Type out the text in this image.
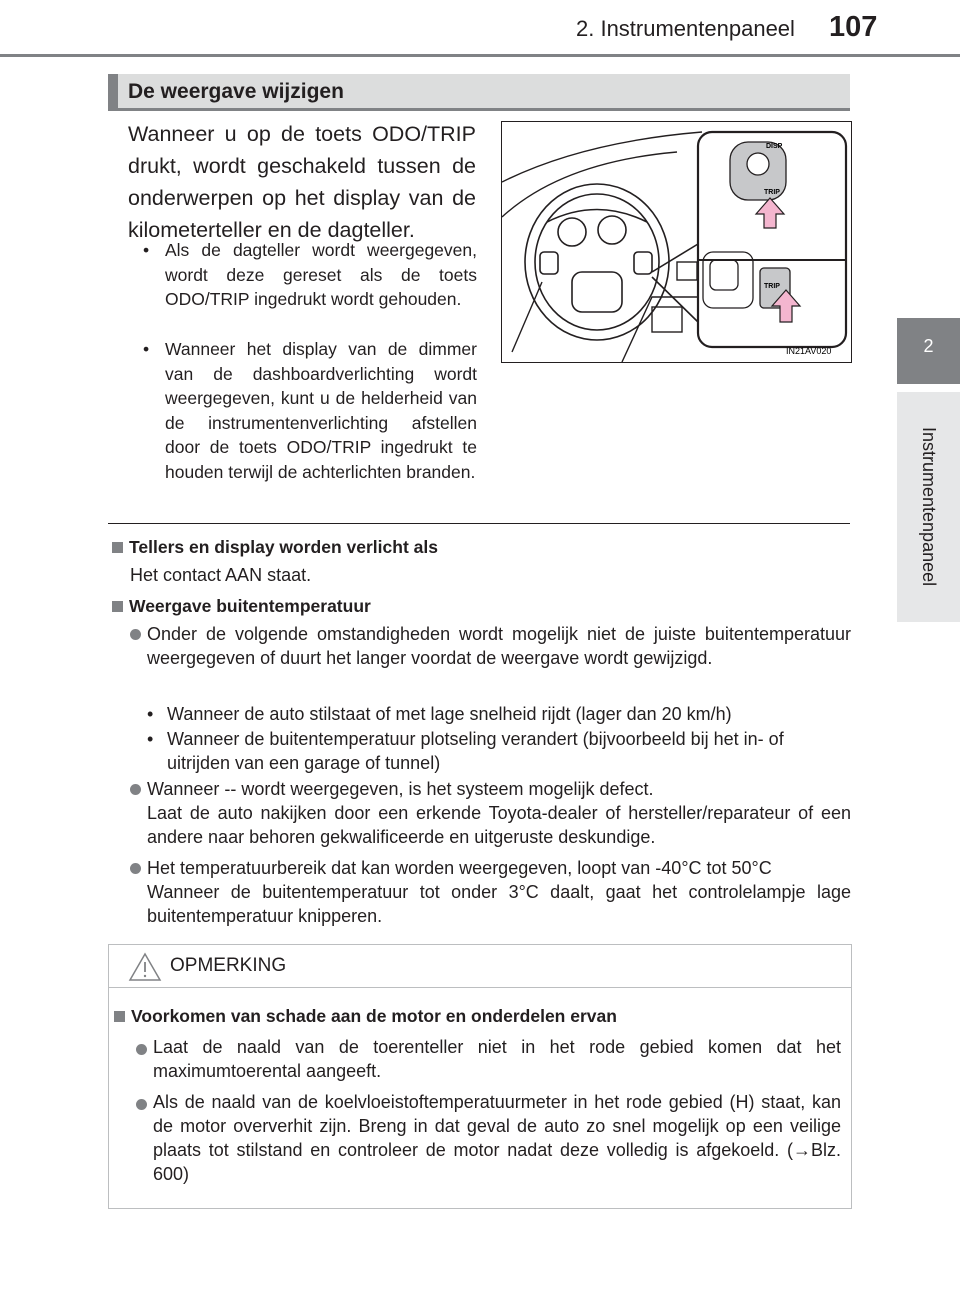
2. Instrumentenpaneel 107
2
Instrumentenpaneel
De weergave wijzigen
Wanneer u op de toets ODO/TRIP drukt, wordt geschakeld tussen de onderwerpen op het display van de kilometerteller en de dagteller.
• Als de dagteller wordt weergegeven, wordt deze gereset als de toets ODO/TRIP ingedrukt wordt gehouden.
• Wanneer het display van de dimmer van de dashboardverlichting wordt weergegeven, kunt u de helderheid van de instrumentenverlichting afstellen door de toets ODO/TRIP ingedrukt te houden terwijl de achterlichten branden.
DISP
TRIP
TRIP
IN21AV020
Tellers en display worden verlicht als
Het contact AAN staat.
Weergave buitentemperatuur
Onder de volgende omstandigheden wordt mogelijk niet de juiste buitentemperatuur weergegeven of duurt het langer voordat de weergave wordt gewijzigd.
• Wanneer de auto stilstaat of met lage snelheid rijdt (lager dan 20 km/h)
• Wanneer de buitentemperatuur plotseling verandert (bijvoorbeeld bij het in- of uitrijden van een garage of tunnel)
Wanneer -- wordt weergegeven, is het systeem mogelijk defect.
Laat de auto nakijken door een erkende Toyota-dealer of hersteller/reparateur of een andere naar behoren gekwalificeerde en uitgeruste deskundige.
Het temperatuurbereik dat kan worden weergegeven, loopt van -40°C tot 50°C
Wanneer de buitentemperatuur tot onder 3°C daalt, gaat het controlelampje lage buitentemperatuur knipperen.
OPMERKING
Voorkomen van schade aan de motor en onderdelen ervan
Laat de naald van de toerenteller niet in het rode gebied komen dat het maximumtoerental aangeeft.
Als de naald van de koelvloeistoftemperatuurmeter in het rode gebied (H) staat, kan de motor oververhit zijn. Breng in dat geval de auto zo snel mogelijk op een veilige plaats tot stilstand en controleer de motor nadat deze volledig is afgekoeld. (→Blz. 600)
